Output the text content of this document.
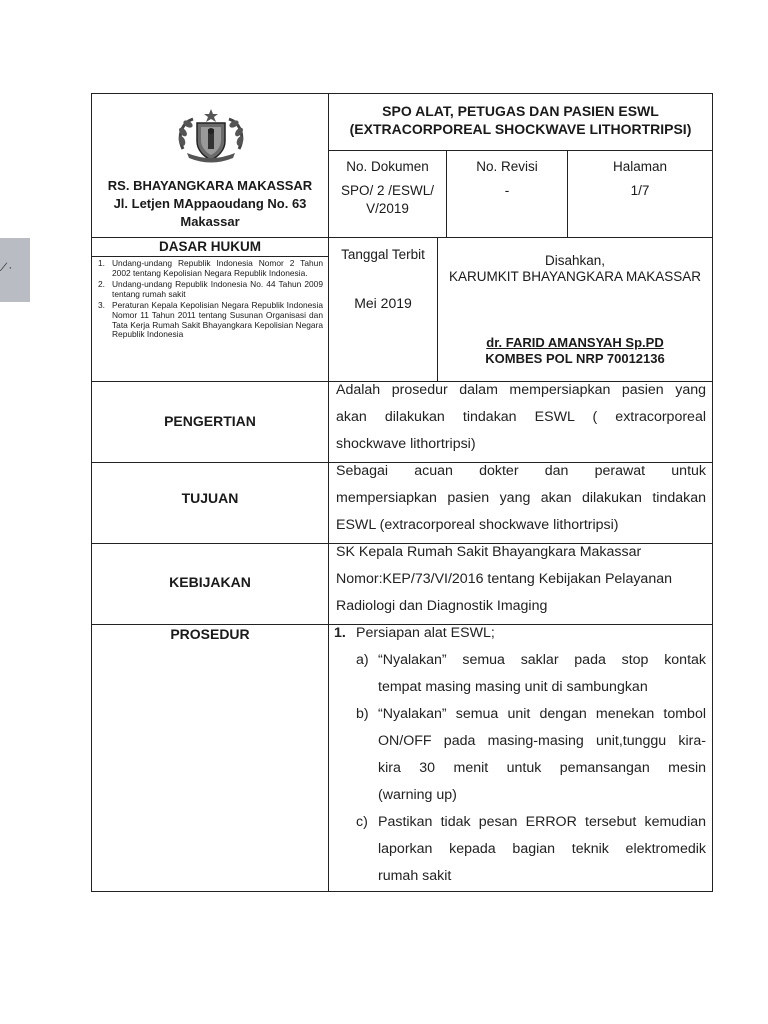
∕ ·
RS. BHAYANGKARA MAKASSAR
Jl. Letjen MAppaoudang No. 63
Makassar
SPO ALAT, PETUGAS DAN PASIEN ESWL
(EXTRACORPOREAL SHOCKWAVE LITHORTRIPSI)
No. Dokumen
SPO/ 2 /ESWL/
V/2019
No. Revisi
-
Halaman
1/7
DASAR HUKUM
1. Undang-undang Republik Indonesia Nomor 2 Tahun 2002 tentang Kepolisian Negara Republik Indonesia.
2. Undang-undang Republik Indonesia No. 44 Tahun 2009 tentang rumah sakit
3. Peraturan Kepala Kepolisian Negara Republik Indonesia Nomor 11 Tahun 2011 tentang Susunan Organisasi dan Tata Kerja Rumah Sakit Bhayangkara Kepolisian Negara Republik Indonesia
Tanggal Terbit
Mei 2019
Disahkan,
KARUMKIT BHAYANGKARA MAKASSAR
dr. FARID AMANSYAH Sp.PD
KOMBES POL NRP 70012136
PENGERTIAN
Adalah prosedur dalam mempersiapkan pasien yang
akan dilakukan tindakan ESWL ( extracorporeal
shockwave lithortripsi)
TUJUAN
Sebagai acuan dokter dan perawat untuk
mempersiapkan pasien yang akan dilakukan tindakan
ESWL (extracorporeal shockwave lithortripsi)
KEBIJAKAN
SK Kepala Rumah Sakit Bhayangkara Makassar
Nomor:KEP/73/VI/2016 tentang Kebijakan Pelayanan
Radiologi dan Diagnostik Imaging
PROSEDUR	1. Persiapan alat ESWL;
a) “Nyalakan” semua saklar pada stop kontak
tempat masing masing unit di sambungkan
b) “Nyalakan” semua unit dengan menekan tombol
ON/OFF pada masing-masing unit,tunggu kira-
kira 30 menit untuk pemansangan mesin
(warning up)
c) Pastikan tidak pesan ERROR tersebut kemudian
laporkan kepada bagian teknik elektromedik
rumah sakit
